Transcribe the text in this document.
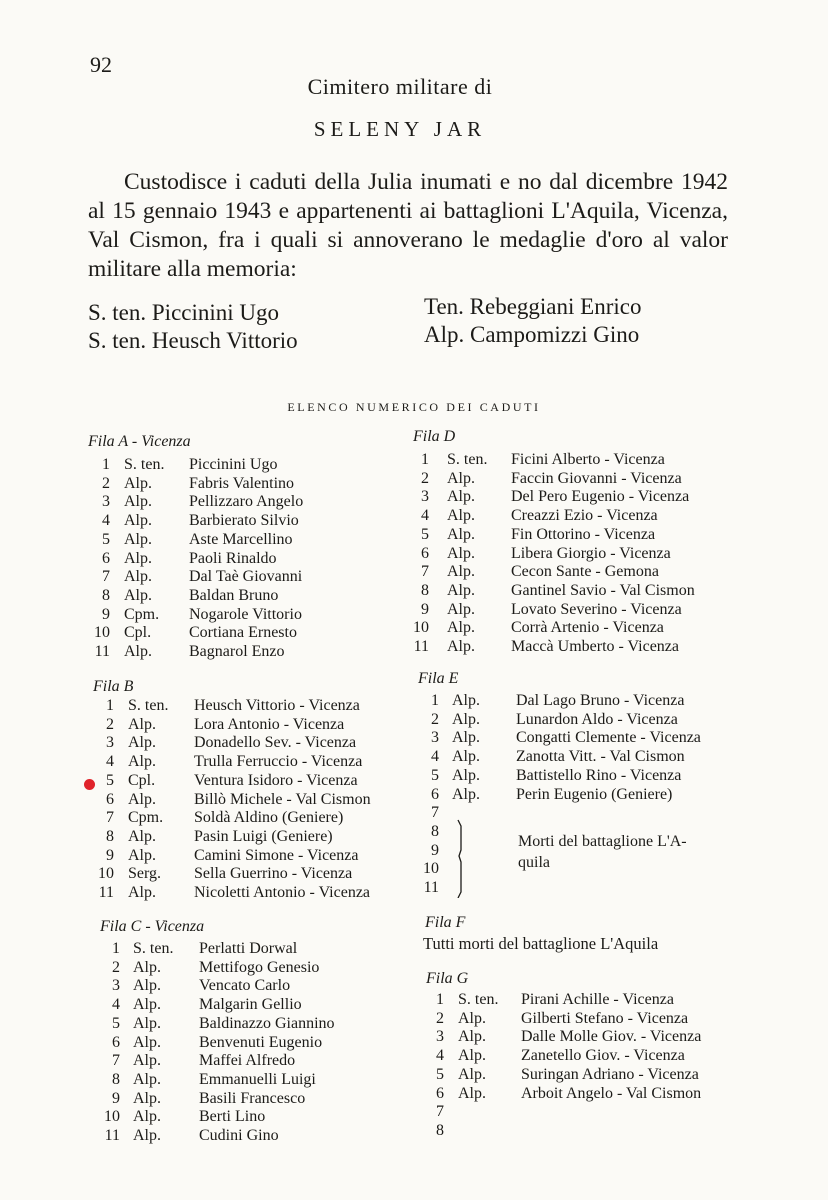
92
Cimitero militare di
SELENY JAR

Custodisce i caduti della Julia inumati e no dal dicembre 1942 al 15 gennaio 1943 e appartenenti ai battaglioni L'Aquila, Vicenza, Val Cismon, fra i quali si annoverano le medaglie d'oro al valor militare alla memoria:

S. ten. Piccinini Ugo	Ten. Rebeggiani Enrico
S. ten. Heusch Vittorio	Alp. Campomizzi Gino
ELENCO NUMERICO DEI CADUTI
Fila A - Vicenza	Fila D
Fila B	Fila E
Fila C - Vicenza	Fila F
Fila G
Tutti morti del battaglione L'Aquila
Morti del battaglione L'A-
quila
1 S. ten. Piccinini Ugo
2 Alp. Fabris Valentino
3 Alp. Pellizzaro Angelo
4 Alp. Barbierato Silvio
5 Alp. Aste Marcellino
6 Alp. Paoli Rinaldo
7 Alp. Dal Taè Giovanni
8 Alp. Baldan Bruno
9 Cpm. Nogarole Vittorio
10 Cpl. Cortiana Ernesto
11 Alp. Bagnarol Enzo
1 S. ten. Heusch Vittorio - Vicenza
2 Alp. Lora Antonio - Vicenza
3 Alp. Donadello Sev. - Vicenza
4 Alp. Trulla Ferruccio - Vicenza
5 Cpl. Ventura Isidoro - Vicenza
6 Alp. Billò Michele - Val Cismon
7 Cpm. Soldà Aldino (Geniere)
8 Alp. Pasin Luigi (Geniere)
9 Alp. Camini Simone - Vicenza
10 Serg. Sella Guerrino - Vicenza
11 Alp. Nicoletti Antonio - Vicenza
1 S. ten. Perlatti Dorwal
2 Alp. Mettifogo Genesio
3 Alp. Vencato Carlo
4 Alp. Malgarin Gellio
5 Alp. Baldinazzo Giannino
6 Alp. Benvenuti Eugenio
7 Alp. Maffei Alfredo
8 Alp. Emmanuelli Luigi
9 Alp. Basili Francesco
10 Alp. Berti Lino
11 Alp. Cudini Gino
1 S. ten. Ficini Alberto - Vicenza
2 Alp. Faccin Giovanni - Vicenza
3 Alp. Del Pero Eugenio - Vicenza
4 Alp. Creazzi Ezio - Vicenza
5 Alp. Fin Ottorino - Vicenza
6 Alp. Libera Giorgio - Vicenza
7 Alp. Cecon Sante - Gemona
8 Alp. Gantinel Savio - Val Cismon
9 Alp. Lovato Severino - Vicenza
10 Alp. Corrà Artenio - Vicenza
11 Alp. Maccà Umberto - Vicenza
1 Alp. Dal Lago Bruno - Vicenza
2 Alp. Lunardon Aldo - Vicenza
3 Alp. Congatti Clemente - Vicenza
4 Alp. Zanotta Vitt. - Val Cismon
5 Alp. Battistello Rino - Vicenza
6 Alp. Perin Eugenio (Geniere)
7
8
9
10
11
1 S. ten. Pirani Achille - Vicenza
2 Alp. Gilberti Stefano - Vicenza
3 Alp. Dalle Molle Giov. - Vicenza
4 Alp. Zanetello Giov. - Vicenza
5 Alp. Suringan Adriano - Vicenza
6 Alp. Arboit Angelo - Val Cismon
7
8
